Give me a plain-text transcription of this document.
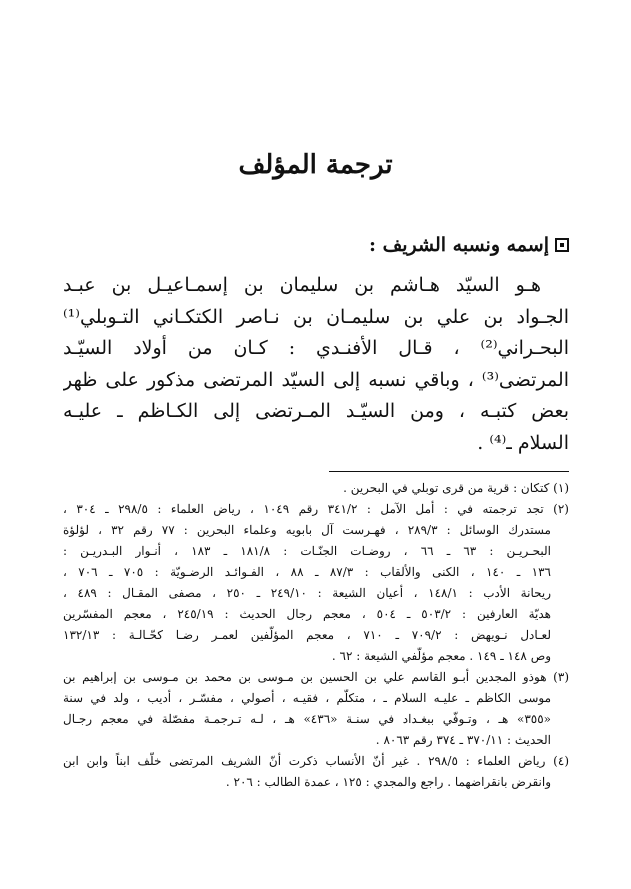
ترجمة المؤلف
إسمه ونسبه الشريف :
هـو السيّد هـاشم بن سليمان بن إسمـاعيـل بن عبـد
الجـواد بن علي بن سليمـان بن نـاصر الكتكـاني التـوبلي⁽¹⁾
البحـراني⁽²⁾ ، قـال الأفنـدي : كـان من أولاد السيّـد
المرتضى⁽³⁾ ، وباقي نسبه إلى السيّد المرتضى مذكور على ظهر
بعض كتبـه ، ومن السيّـد المـرتضى إلى الكـاظم ـ عليـه
السلام ـ⁽⁴⁾ .
(١) كتكان : قرية من قرى توبلي في البحرين .
(٢) تجد ترجمته في : أمل الآمل : ٣٤١/٢ رقم ١٠٤٩ ، رياض العلماء : ٢٩٨/٥ ـ ٣٠٤ ،
مستدرك الوسائل : ٢٨٩/٣ ، فهـرست آل بابويه وعلماء البحرين : ٧٧ رقم ٣٢ ، لؤلؤة
البحـريـن : ٦٣ ـ ٦٦ ، روضـات الجنّـات : ١٨١/٨ ـ ١٨٣ ، أنـوار البـدريـن :
١٣٦ ـ ١٤٠ ، الكنى والألقاب : ٨٧/٣ ـ ٨٨ ، الفـوائـد الرضـويّة : ٧٠٥ ـ ٧٠٦ ،
ريحانة الأدب : ١٤٨/١ ، أعيان الشيعة : ٢٤٩/١٠ ـ ٢٥٠ ، مصفى المقـال : ٤٨٩ ،
هديّة العارفين : ٥٠٣/٢ ـ ٥٠٤ ، معجم رجال الحديث : ٢٤٥/١٩ ، معجم المفسّرين
لعـادل نـويهض : ٧٠٩/٢ ـ ٧١٠ ، معجم المؤلّفين لعمـر رضـا كحّـالـة : ١٣٢/١٣
وص ١٤٨ ـ ١٤٩ . معجم مؤلّفي الشيعة : ٦٢ .
(٣) هوذو المجدين أبـو القاسم علي بن الحسين بن مـوسى بن محمد بن مـوسى بن إبراهيم بن
موسى الكاظم ـ عليـه السلام ـ ، متكلّم ، فقيـه ، أصولي ، مفسّـر ، أديب ، ولد في سنة
«٣٥٥» هـ ، وتـوفّي ببغـداد في سنـة «٤٣٦» هـ ، لـه تـرجمـة مفصّلة في معجم رجـال
الحديث : ٣٧٠/١١ ـ ٣٧٤ رقم ٨٠٦٣ .
(٤) رياض العلماء : ٢٩٨/٥ . غير أنّ الأنساب ذكرت أنّ الشريف المرتضى خلّف ابناً وابن ابن
وانقرض بانقراضهما . راجع والمجدي : ١٢٥ ، عمدة الطالب : ٢٠٦ .
